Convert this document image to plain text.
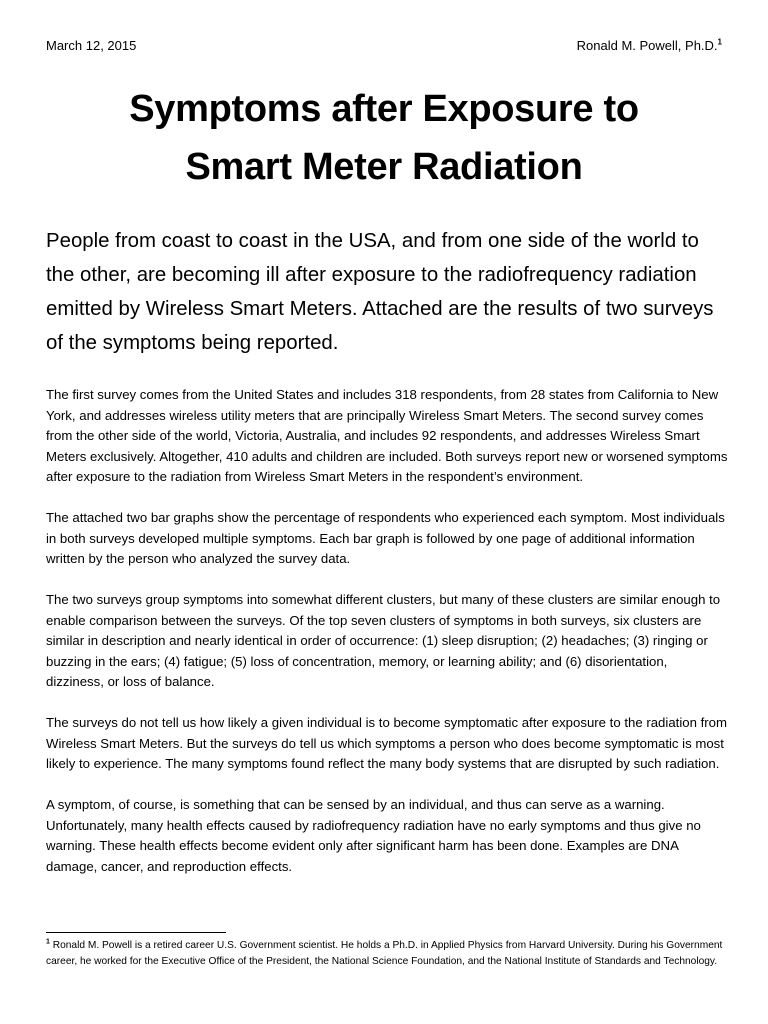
March 12, 2015	Ronald M. Powell, Ph.D.$^1$
Symptoms after Exposure to
Smart Meter Radiation

People from coast to coast in the USA, and from one side of the world to the other, are becoming ill after exposure to the radiofrequency radiation emitted by Wireless Smart Meters. Attached are the results of two surveys of the symptoms being reported.

The first survey comes from the United States and includes 318 respondents, from 28 states from California to New York, and addresses wireless utility meters that are principally Wireless Smart Meters. The second survey comes from the other side of the world, Victoria, Australia, and includes 92 respondents, and addresses Wireless Smart Meters exclusively. Altogether, 410 adults and children are included. Both surveys report new or worsened symptoms after exposure to the radiation from Wireless Smart Meters in the respondent’s environment.

The attached two bar graphs show the percentage of respondents who experienced each symptom. Most individuals in both surveys developed multiple symptoms. Each bar graph is followed by one page of additional information written by the person who analyzed the survey data.

The two surveys group symptoms into somewhat different clusters, but many of these clusters are similar enough to enable comparison between the surveys. Of the top seven clusters of symptoms in both surveys, six clusters are similar in description and nearly identical in order of occurrence: (1) sleep disruption; (2) headaches; (3) ringing or buzzing in the ears; (4) fatigue; (5) loss of concentration, memory, or learning ability; and (6) disorientation, dizziness, or loss of balance.

The surveys do not tell us how likely a given individual is to become symptomatic after exposure to the radiation from Wireless Smart Meters. But the surveys do tell us which symptoms a person who does become symptomatic is most likely to experience. The many symptoms found reflect the many body systems that are disrupted by such radiation.

A symptom, of course, is something that can be sensed by an individual, and thus can serve as a warning. Unfortunately, many health effects caused by radiofrequency radiation have no early symptoms and thus give no warning. These health effects become evident only after significant harm has been done. Examples are DNA damage, cancer, and reproduction effects.

$^1$ Ronald M. Powell is a retired career U.S. Government scientist. He holds a Ph.D. in Applied Physics from Harvard University. During his Government career, he worked for the Executive Office of the President, the National Science Foundation, and the National Institute of Standards and Technology.
